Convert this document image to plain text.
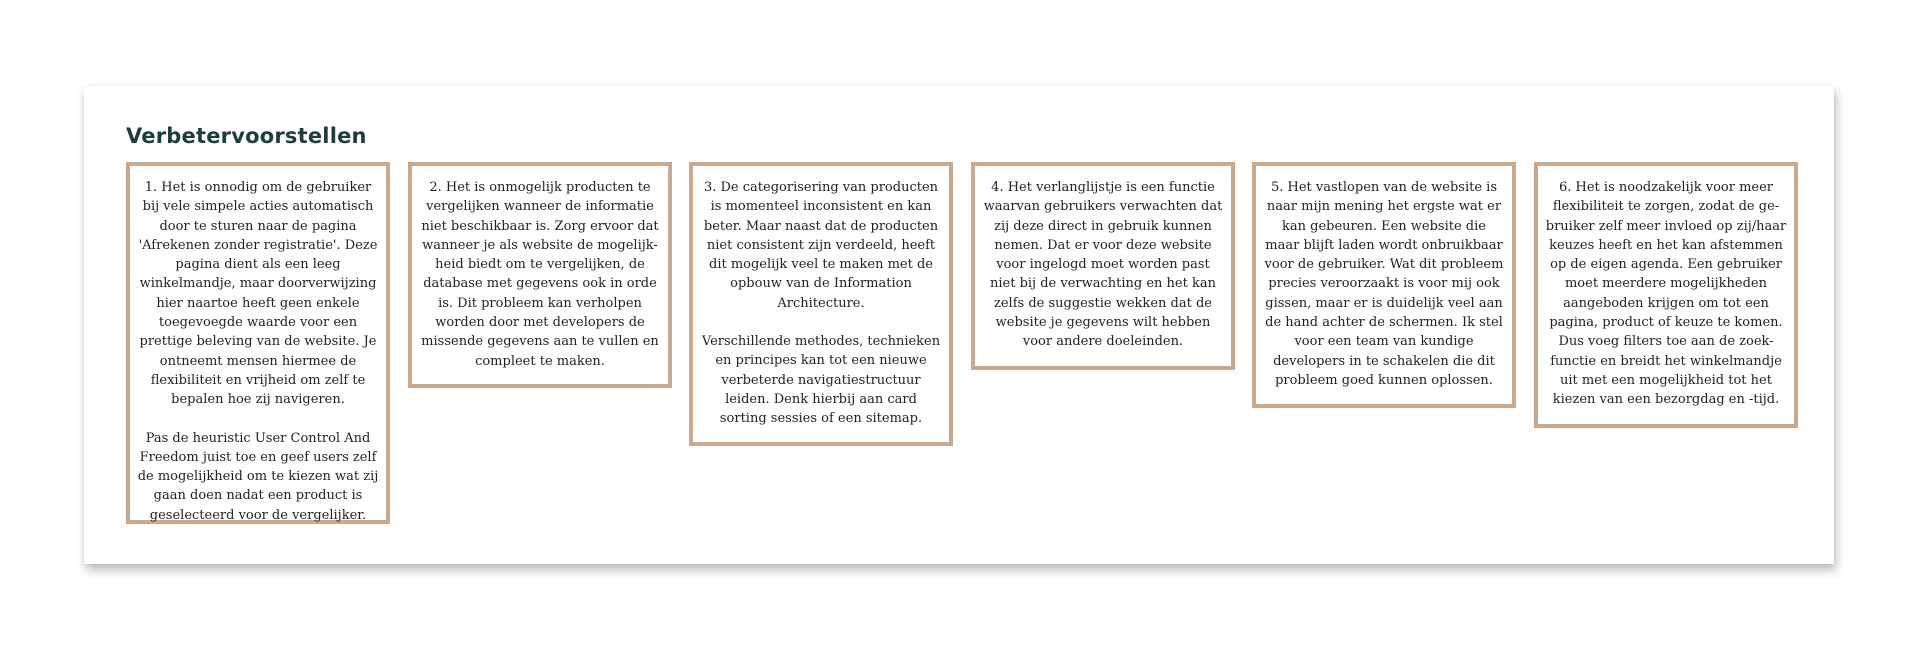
Verbetervoorstellen

1. Het is onnodig om de gebruiker bij vele simpele acties automatisch door te sturen naar de pagina 'Afrekenen zonder registratie'. Deze pagina dient als een leeg winkelmandje, maar doorverwijzing hier naartoe heeft geen enkele toegevoegde waarde voor een prettige beleving van de website. Je ontneemt mensen hiermee de flexibiliteit en vrijheid om zelf te bepalen hoe zij navigeren.

Pas de heuristic User Control And Freedom juist toe en geef users zelf de mogelijkheid om te kiezen wat zij gaan doen nadat een product is geselecteerd voor de vergelijker.

2. Het is onmogelijk producten te vergelijken wanneer de informatie niet beschikbaar is. Zorg ervoor dat wanneer je als website de mogelijk-heid biedt om te vergelijken, de database met gegevens ook in orde is. Dit probleem kan verholpen worden door met developers de missende gegevens aan te vullen en compleet te maken.

3. De categorisering van producten is momenteel inconsistent en kan beter. Maar naast dat de producten niet consistent zijn verdeeld, heeft dit mogelijk veel te maken met de opbouw van de Information Architecture.

Verschillende methodes, technieken en principes kan tot een nieuwe verbeterde navigatiestructuur leiden. Denk hierbij aan card sorting sessies of een sitemap.

4. Het verlanglijstje is een functie waarvan gebruikers verwachten dat zij deze direct in gebruik kunnen nemen. Dat er voor deze website voor ingelogd moet worden past niet bij de verwachting en het kan zelfs de suggestie wekken dat de website je gegevens wilt hebben voor andere doeleinden.

5. Het vastlopen van de website is naar mijn mening het ergste wat er kan gebeuren. Een website die maar blijft laden wordt onbruikbaar voor de gebruiker. Wat dit probleem precies veroorzaakt is voor mij ook gissen, maar er is duidelijk veel aan de hand achter de schermen. Ik stel voor een team van kundige developers in te schakelen die dit probleem goed kunnen oplossen.

6. Het is noodzakelijk voor meer flexibiliteit te zorgen, zodat de ge-bruiker zelf meer invloed op zij/haar keuzes heeft en het kan afstemmen op de eigen agenda. Een gebruiker moet meerdere mogelijkheden aangeboden krijgen om tot een pagina, product of keuze te komen. Dus voeg filters toe aan de zoek-functie en breidt het winkelmandje uit met een mogelijkheid tot het kiezen van een bezorgdag en -tijd.
